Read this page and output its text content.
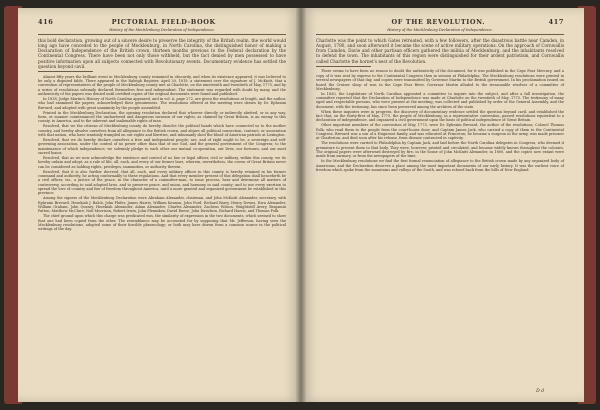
416	PICTORIAL FIELD-BOOK
History of the Mecklenburg Declaration of Independence.
this bold declaration, growing out of a sincere desire to preserve the integrity of the British realm, the world would long ago have conceded to the people of Mecklenburg, in North Carolina, the distinguished honor of making a Declaration of Independence of the British crown, thirteen months previous to the Federal declaration by the Continental Congress. There have been not only those withheld, but the fact denied by men possessed to have positive information upon all subjects connected with Revolutionary events. Documentary evidence has settled the question beyond cavil.

Almost fifty years the brilliant event in Mecklenburg county remained in obscurity, and when its existence appeared, it was believed to be only a disputed fable. There appeared in the Raleigh Register, April 30, 1819, a statement over the signature of J. McKnitt, that a convention of representatives of the people of Mecklenburg county met at Charlotte, on the nineteenth and twentieth of May, 1775, and by a series of resolutions solemnly declared themselves free and independent. The statement was regarded with doubt by many, and the authenticity of the papers was denied until certified copies of the original documents were found and published.

In 1838, Judge Martin's History of North Carolina appeared, and in vol. ii, page 272, are given the resolutions at length, and the author, who had examined the papers, acknowledged their genuineness. The resolutions offered at the meeting were drawn by Dr. Ephraim Brevard, and adopted with great unanimity by the people assembled.

Printed in the Mecklenburg Declaration, the opening resolution declared that whoever directly or indirectly abetted, or in any way, form, or manner countenanced the unchartered and dangerous invasion of our rights, as claimed by Great Britain, is an enemy to this county, to America, and to the inherent and inalienable rights of man.

Resolved, that we the citizens of Mecklenburg county do hereby dissolve the political bands which have connected us to the mother country, and hereby absolve ourselves from all allegiance to the British crown, and abjure all political connection, contract, or association with that nation, who have wantonly trampled on our rights and liberties, and inhumanly shed the blood of American patriots at Lexington.

Resolved, that we do hereby declare ourselves a free and independent people; are, and of right ought to be, a sovereign and self-governing association, under the control of no power other than that of our God, and the general government of the Congress; to the maintenance of which independence, we solemnly pledge to each other our mutual co-operation, our lives, our fortunes, and our most sacred honor.

Resolved, that as we now acknowledge the existence and control of no law or legal officer, civil or military, within this county, we do hereby ordain and adopt, as a rule of life, all, each, and every of our former laws, wherein, nevertheless, the crown of Great Britain never can be considered as holding rights, privileges, immunities, or authority therein.

Resolved, that it is also further decreed, that all, each, and every military officer in this county is hereby retained in his former command and authority, he acting conformably to these regulations. And that every member present of this delegation shall henceforth be a civil officer, viz., a justice of the peace, in the character of a committee-man, to issue process, hear and determine all matters of controversy, according to said adopted laws, and to preserve peace, and union, and harmony in said county; and to use every exertion to spread the love of country and fire of freedom throughout America, until a more general and organized government be established in this province.

Among the signers of the Mecklenburg Declaration were Abraham Alexander, chairman, and John McKnitt Alexander, secretary, with Ephraim Brevard, Hezekiah J. Balch, John Phifer, James Harris, William Kennon, John Ford, Richard Barry, Henry Downs, Ezra Alexander, William Graham, John Queary, Hezekiah Alexander, Adam Alexander, Charles Alexander, Zacheus Wilson, Waightstill Avery, Benjamin Patton, Matthew McClure, Neil Morrison, Robert Irwin, John Flenniken, David Reese, John Davidson, Richard Harris, and Thomas Polk.

The chief ground upon which this charge was predicated was, the similarity of expression in the two documents, which seemed to show that one had been copied from the other. The resemblance may be accounted for by supposing that Mr. Jefferson, having seen the Mecklenburg resolutions, adopted some of their forcible phraseology; or both may have drawn from a common source in the political writings of the day.

OF THE REVOLUTION.	417
History of the Mecklenburg Declaration of Independence.
Charlotte was the point to which Gates retreated, with a few followers, after the disastrous battle near Camden, in August, 1780, and soon afterward it became the scene of active military operations. On the approach of Cornwallis from Camden, Davie and other partisan officers gathered the militia of Mecklenburg, and the inhabitants resolved to defend the town. The inhabitants of this region were distinguished for their ardent patriotism, and Cornwallis called Charlotte the hornet's nest of the Revolution.

There seems to have been no reason to doubt the authenticity of the document, for it was published in the Cape Fear Mercury, and a copy of it was sent by express to the Continental Congress then in session at Philadelphia. The Mecklenburg resolutions were printed in several newspapers of that day, and copies were transmitted by Governor Martin to the British government. In his proclamation issued on board the Cruiser sloop of war, in the Cape Fear River, Governor Martin alluded to the treasonable resolves of a committee of Mecklenburg.

In 1830, the Legislature of North Carolina appointed a committee to inquire into the subject, and after a full investigation, the committee reported that the Declaration of Independence was made at Charlotte on the twentieth of May, 1775. The testimony of many aged and respectable persons, who were present at the meeting, was collected and published by order of the General Assembly, and the document, with the testimony, has since been preserved among the archives of the state.

When these inquiries were in progress, the discovery of documentary evidence settled the question beyond cavil, and established the fact that, on the thirty-first of May, 1775, the people of Mecklenburg, in a representative convention, passed resolutions equivalent to a declaration of independence, and organized a civil government upon the basis of political independence of Great Britain.

Other important members of the convention of May, 1775, were Dr. Ephraim Brevard, the author of the resolutions; Colonel Thomas Polk, who read them to the people from the court-house door; and Captain James Jack, who carried a copy of them to the Continental Congress. Brevard was a son of a Huguenot family, and was educated at Princeton; he became a surgeon in the army, was made prisoner at Charleston, and died soon after his release, from disease contracted in captivity.

The resolutions were carried to Philadelphia by Captain Jack, and laid before the North Carolina delegates in Congress, who deemed it premature to present them to that body. They were, however, printed and circulated, and became widely known throughout the colonies. The original papers were afterward destroyed by fire, in the house of John McKnitt Alexander, in 1800, and the copies now extant were made from memory, or from the newspapers of the time.

In the Mecklenburg resolutions we find the first formal renunciation of allegiance to the British crown made by any organized body of Americans, and the Declaration deserves a place among the most important documents of our early history. It was the earliest voice of freedom which spoke from the mountains and valleys of the South, and was echoed back from the hills of New England.

D d
